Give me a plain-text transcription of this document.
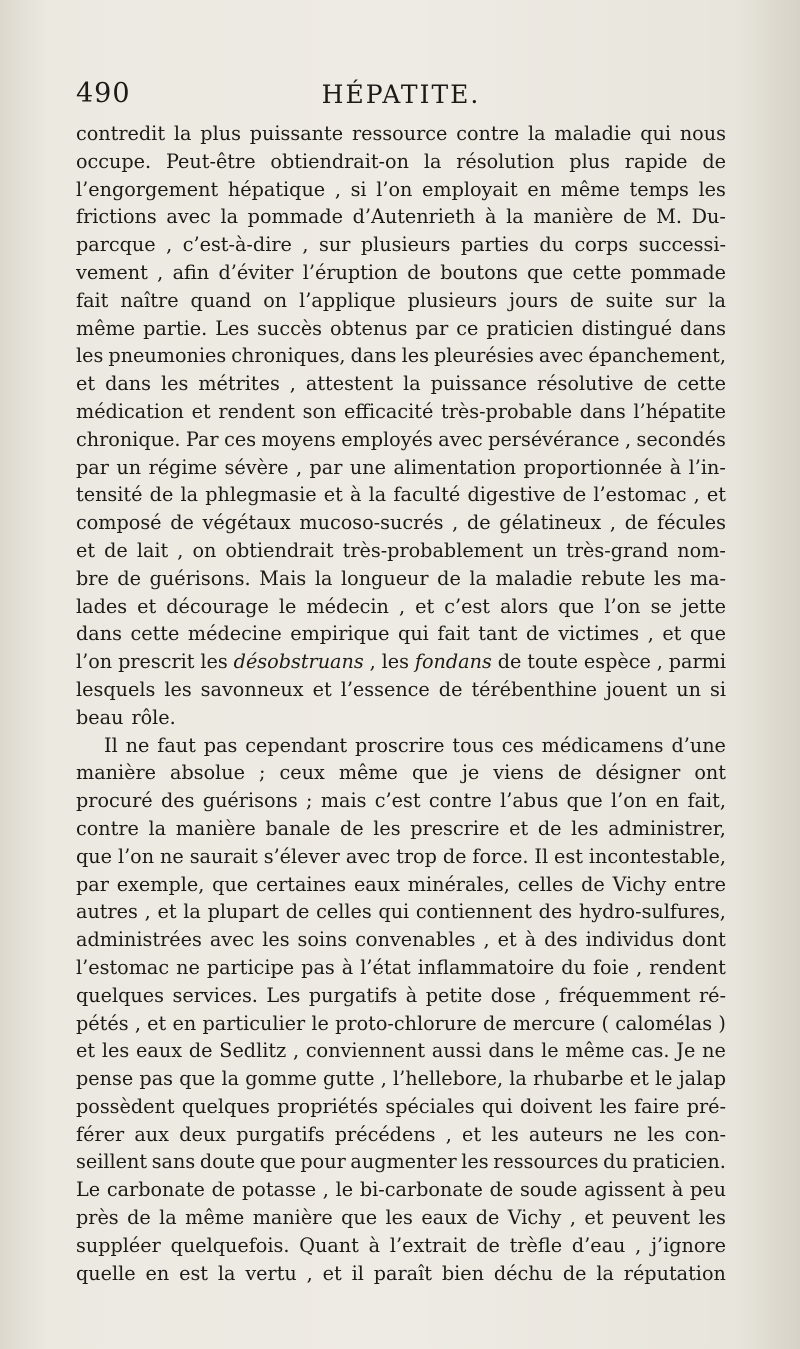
490	HÉPATITE.
contredit la plus puissante ressource contre la maladie qui nous
occupe. Peut-être obtiendrait-on la résolution plus rapide de
l’engorgement hépatique , si l’on employait en même temps les
frictions avec la pommade d’Autenrieth à la manière de M. Du-
parcque , c’est-à-dire , sur plusieurs parties du corps successi-
vement , afin d’éviter l’éruption de boutons que cette pommade
fait naître quand on l’applique plusieurs jours de suite sur la
même partie. Les succès obtenus par ce praticien distingué dans
les pneumonies chroniques, dans les pleurésies avec épanchement,
et dans les métrites , attestent la puissance résolutive de cette
médication et rendent son efficacité très-probable dans l’hépatite
chronique. Par ces moyens employés avec persévérance , secondés
par un régime sévère , par une alimentation proportionnée à l’in-
tensité de la phlegmasie et à la faculté digestive de l’estomac , et
composé de végétaux mucoso-sucrés , de gélatineux , de fécules
et de lait , on obtiendrait très-probablement un très-grand nom-
bre de guérisons. Mais la longueur de la maladie rebute les ma-
lades et décourage le médecin , et c’est alors que l’on se jette
dans cette médecine empirique qui fait tant de victimes , et que
l’on prescrit les désobstruans , les fondans de toute espèce , parmi
lesquels les savonneux et l’essence de térébenthine jouent un si
beau rôle.
Il ne faut pas cependant proscrire tous ces médicamens d’une
manière absolue ; ceux même que je viens de désigner ont
procuré des guérisons ; mais c’est contre l’abus que l’on en fait,
contre la manière banale de les prescrire et de les administrer,
que l’on ne saurait s’élever avec trop de force. Il est incontestable,
par exemple, que certaines eaux minérales, celles de Vichy entre
autres , et la plupart de celles qui contiennent des hydro-sulfures,
administrées avec les soins convenables , et à des individus dont
l’estomac ne participe pas à l’état inflammatoire du foie , rendent
quelques services. Les purgatifs à petite dose , fréquemment ré-
pétés , et en particulier le proto-chlorure de mercure ( calomélas )
et les eaux de Sedlitz , conviennent aussi dans le même cas. Je ne
pense pas que la gomme gutte , l’hellebore, la rhubarbe et le jalap
possèdent quelques propriétés spéciales qui doivent les faire pré-
férer aux deux purgatifs précédens , et les auteurs ne les con-
seillent sans doute que pour augmenter les ressources du praticien.
Le carbonate de potasse , le bi-carbonate de soude agissent à peu
près de la même manière que les eaux de Vichy , et peuvent les
suppléer quelquefois. Quant à l’extrait de trèfle d’eau , j’ignore
quelle en est la vertu , et il paraît bien déchu de la réputation
